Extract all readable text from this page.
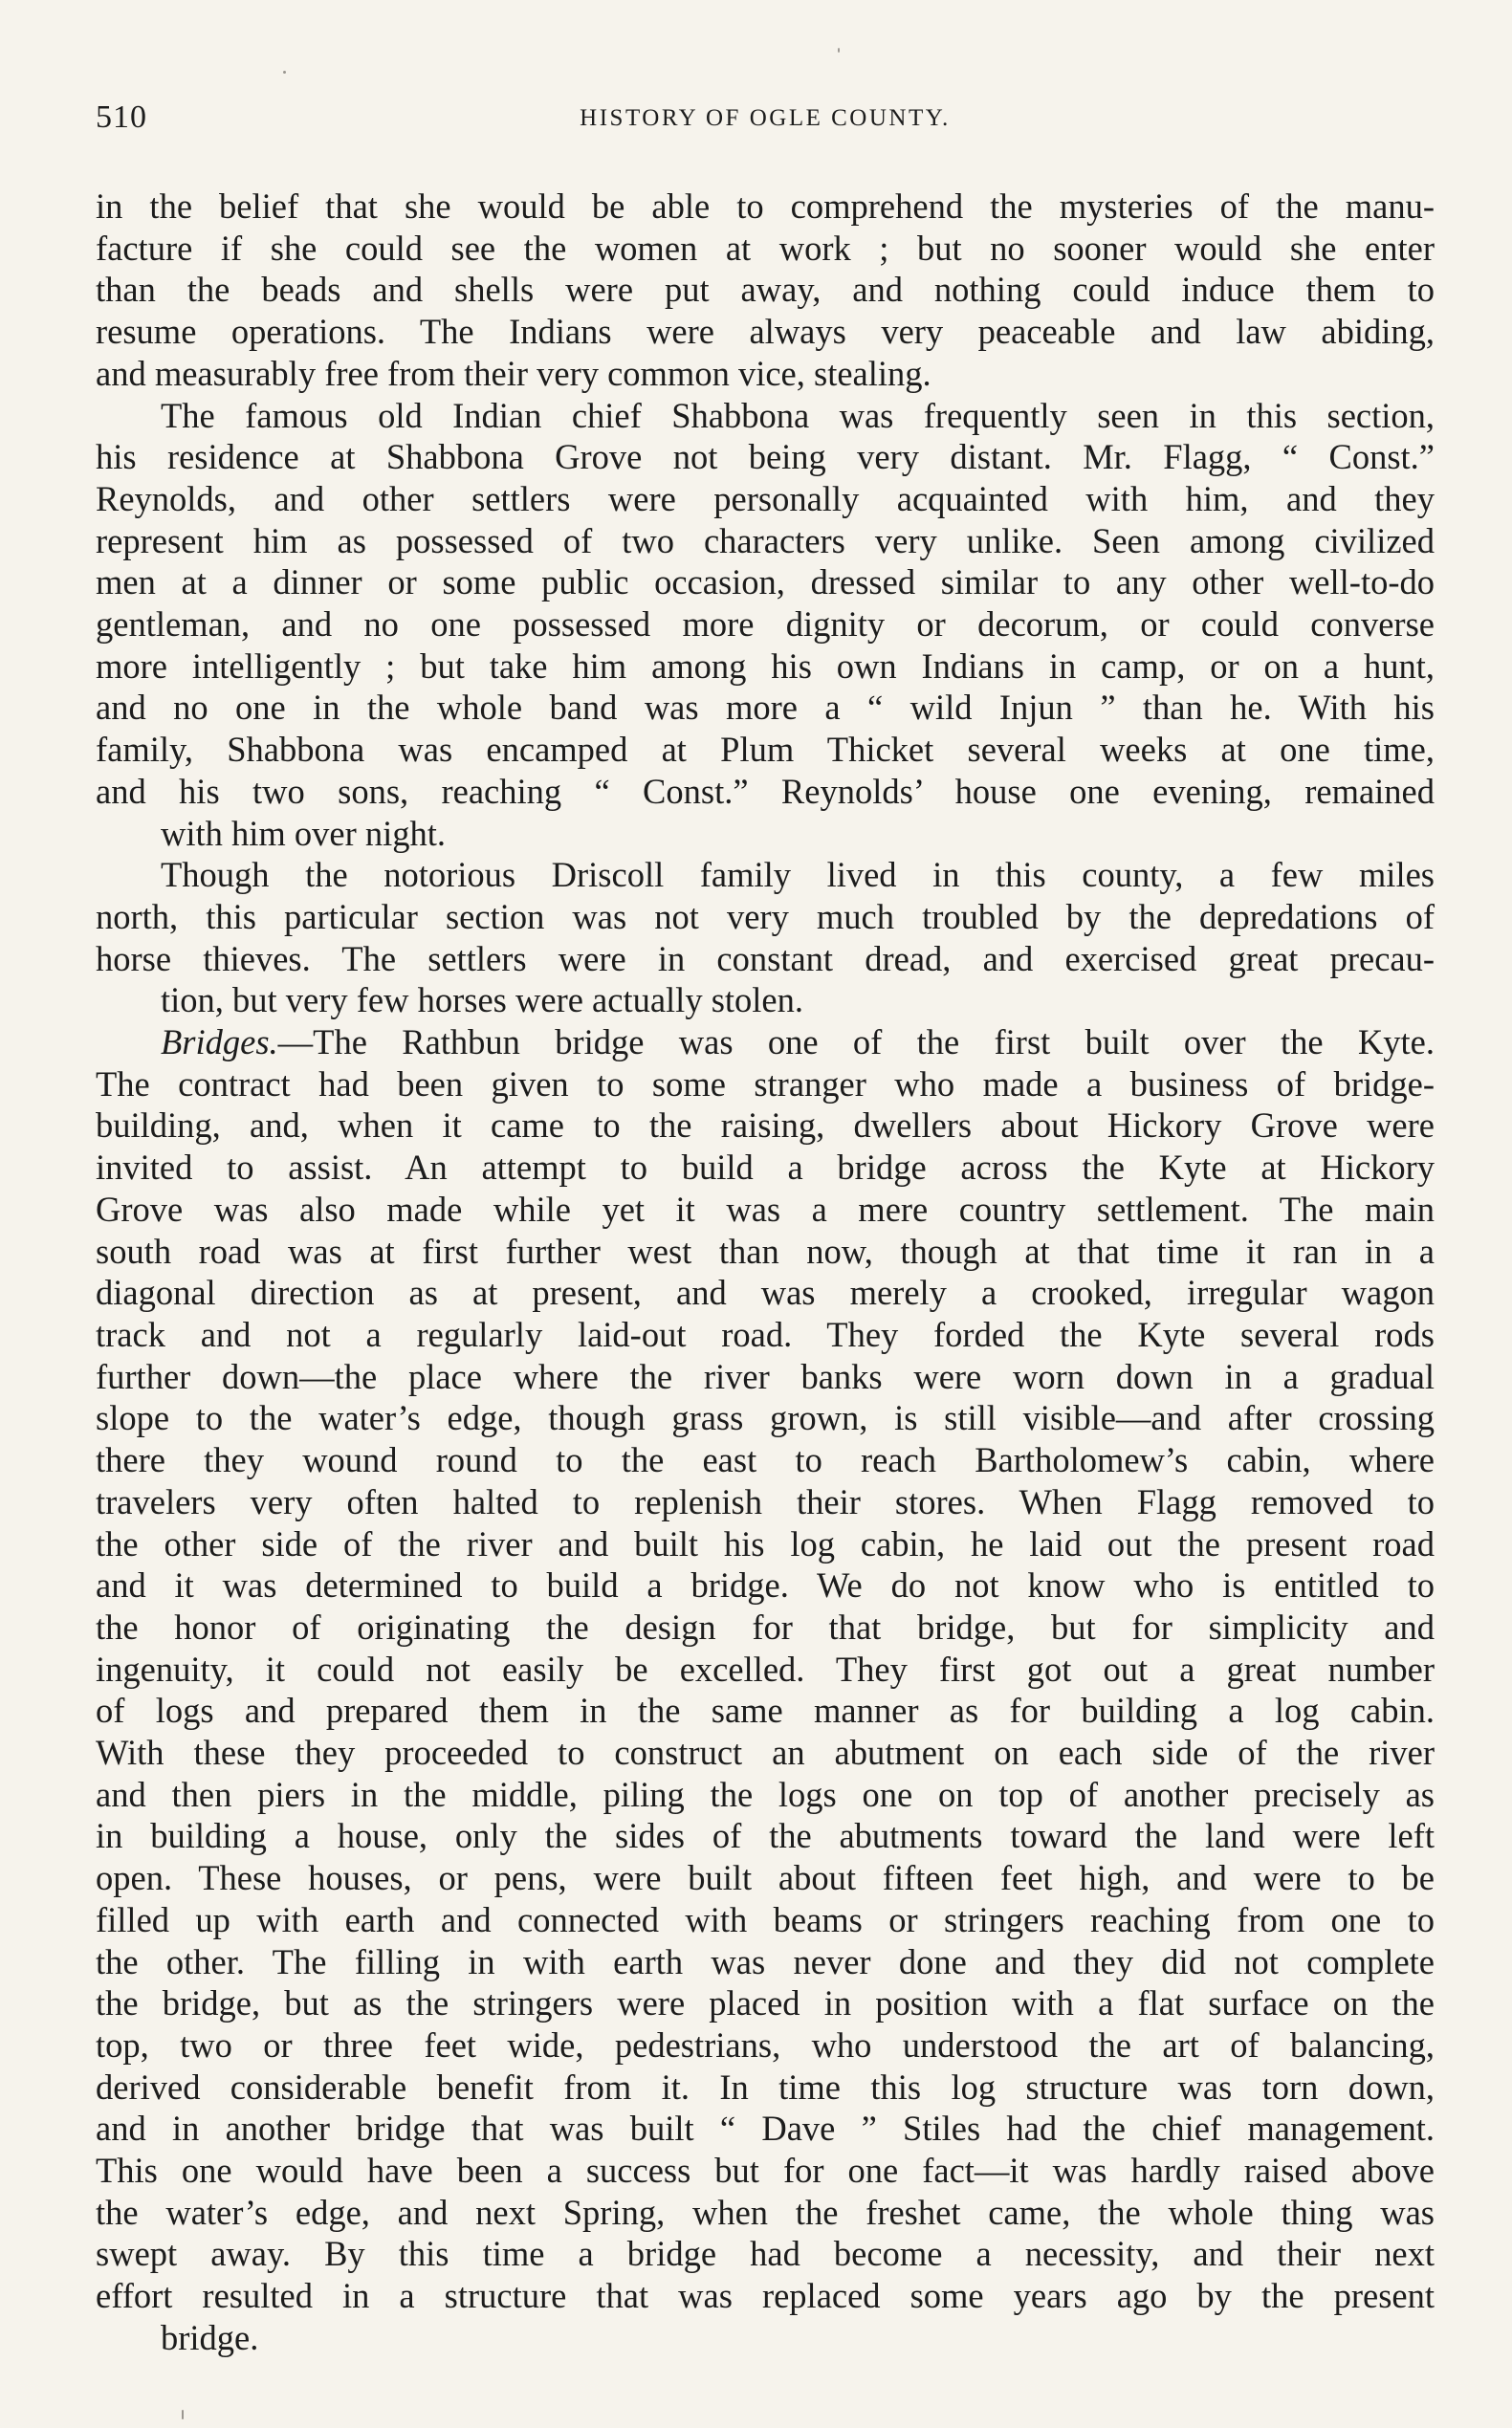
510	HISTORY OF OGLE COUNTY.

in the belief that she would be able to comprehend the mysteries of the manu-
facture if she could see the women at work ; but no sooner would she enter
than the beads and shells were put away, and nothing could induce them to
resume operations. The Indians were always very peaceable and law abiding,
and measurably free from their very common vice, stealing.

The famous old Indian chief Shabbona was frequently seen in this section,
his residence at Shabbona Grove not being very distant. Mr. Flagg, “ Const.”
Reynolds, and other settlers were personally acquainted with him, and they
represent him as possessed of two characters very unlike. Seen among civilized
men at a dinner or some public occasion, dressed similar to any other well-to-do
gentleman, and no one possessed more dignity or decorum, or could converse
more intelligently ; but take him among his own Indians in camp, or on a hunt,
and no one in the whole band was more a “ wild Injun ” than he. With his
family, Shabbona was encamped at Plum Thicket several weeks at one time,
and his two sons, reaching “ Const.” Reynolds’ house one evening, remained
with him over night.

Though the notorious Driscoll family lived in this county, a few miles
north, this particular section was not very much troubled by the depredations of
horse thieves. The settlers were in constant dread, and exercised great precau-
tion, but very few horses were actually stolen.

Bridges.—The Rathbun bridge was one of the first built over the Kyte.
The contract had been given to some stranger who made a business of bridge-
building, and, when it came to the raising, dwellers about Hickory Grove were
invited to assist. An attempt to build a bridge across the Kyte at Hickory
Grove was also made while yet it was a mere country settlement. The main
south road was at first further west than now, though at that time it ran in a
diagonal direction as at present, and was merely a crooked, irregular wagon
track and not a regularly laid-out road. They forded the Kyte several rods
further down—the place where the river banks were worn down in a gradual
slope to the water’s edge, though grass grown, is still visible—and after crossing
there they wound round to the east to reach Bartholomew’s cabin, where
travelers very often halted to replenish their stores. When Flagg removed to
the other side of the river and built his log cabin, he laid out the present road
and it was determined to build a bridge. We do not know who is entitled to
the honor of originating the design for that bridge, but for simplicity and
ingenuity, it could not easily be excelled. They first got out a great number
of logs and prepared them in the same manner as for building a log cabin.
With these they proceeded to construct an abutment on each side of the river
and then piers in the middle, piling the logs one on top of another precisely as
in building a house, only the sides of the abutments toward the land were left
open. These houses, or pens, were built about fifteen feet high, and were to be
filled up with earth and connected with beams or stringers reaching from one to
the other. The filling in with earth was never done and they did not complete
the bridge, but as the stringers were placed in position with a flat surface on the
top, two or three feet wide, pedestrians, who understood the art of balancing,
derived considerable benefit from it. In time this log structure was torn down,
and in another bridge that was built “ Dave ” Stiles had the chief management.
This one would have been a success but for one fact—it was hardly raised above
the water’s edge, and next Spring, when the freshet came, the whole thing was
swept away. By this time a bridge had become a necessity, and their next
effort resulted in a structure that was replaced some years ago by the present
bridge.
